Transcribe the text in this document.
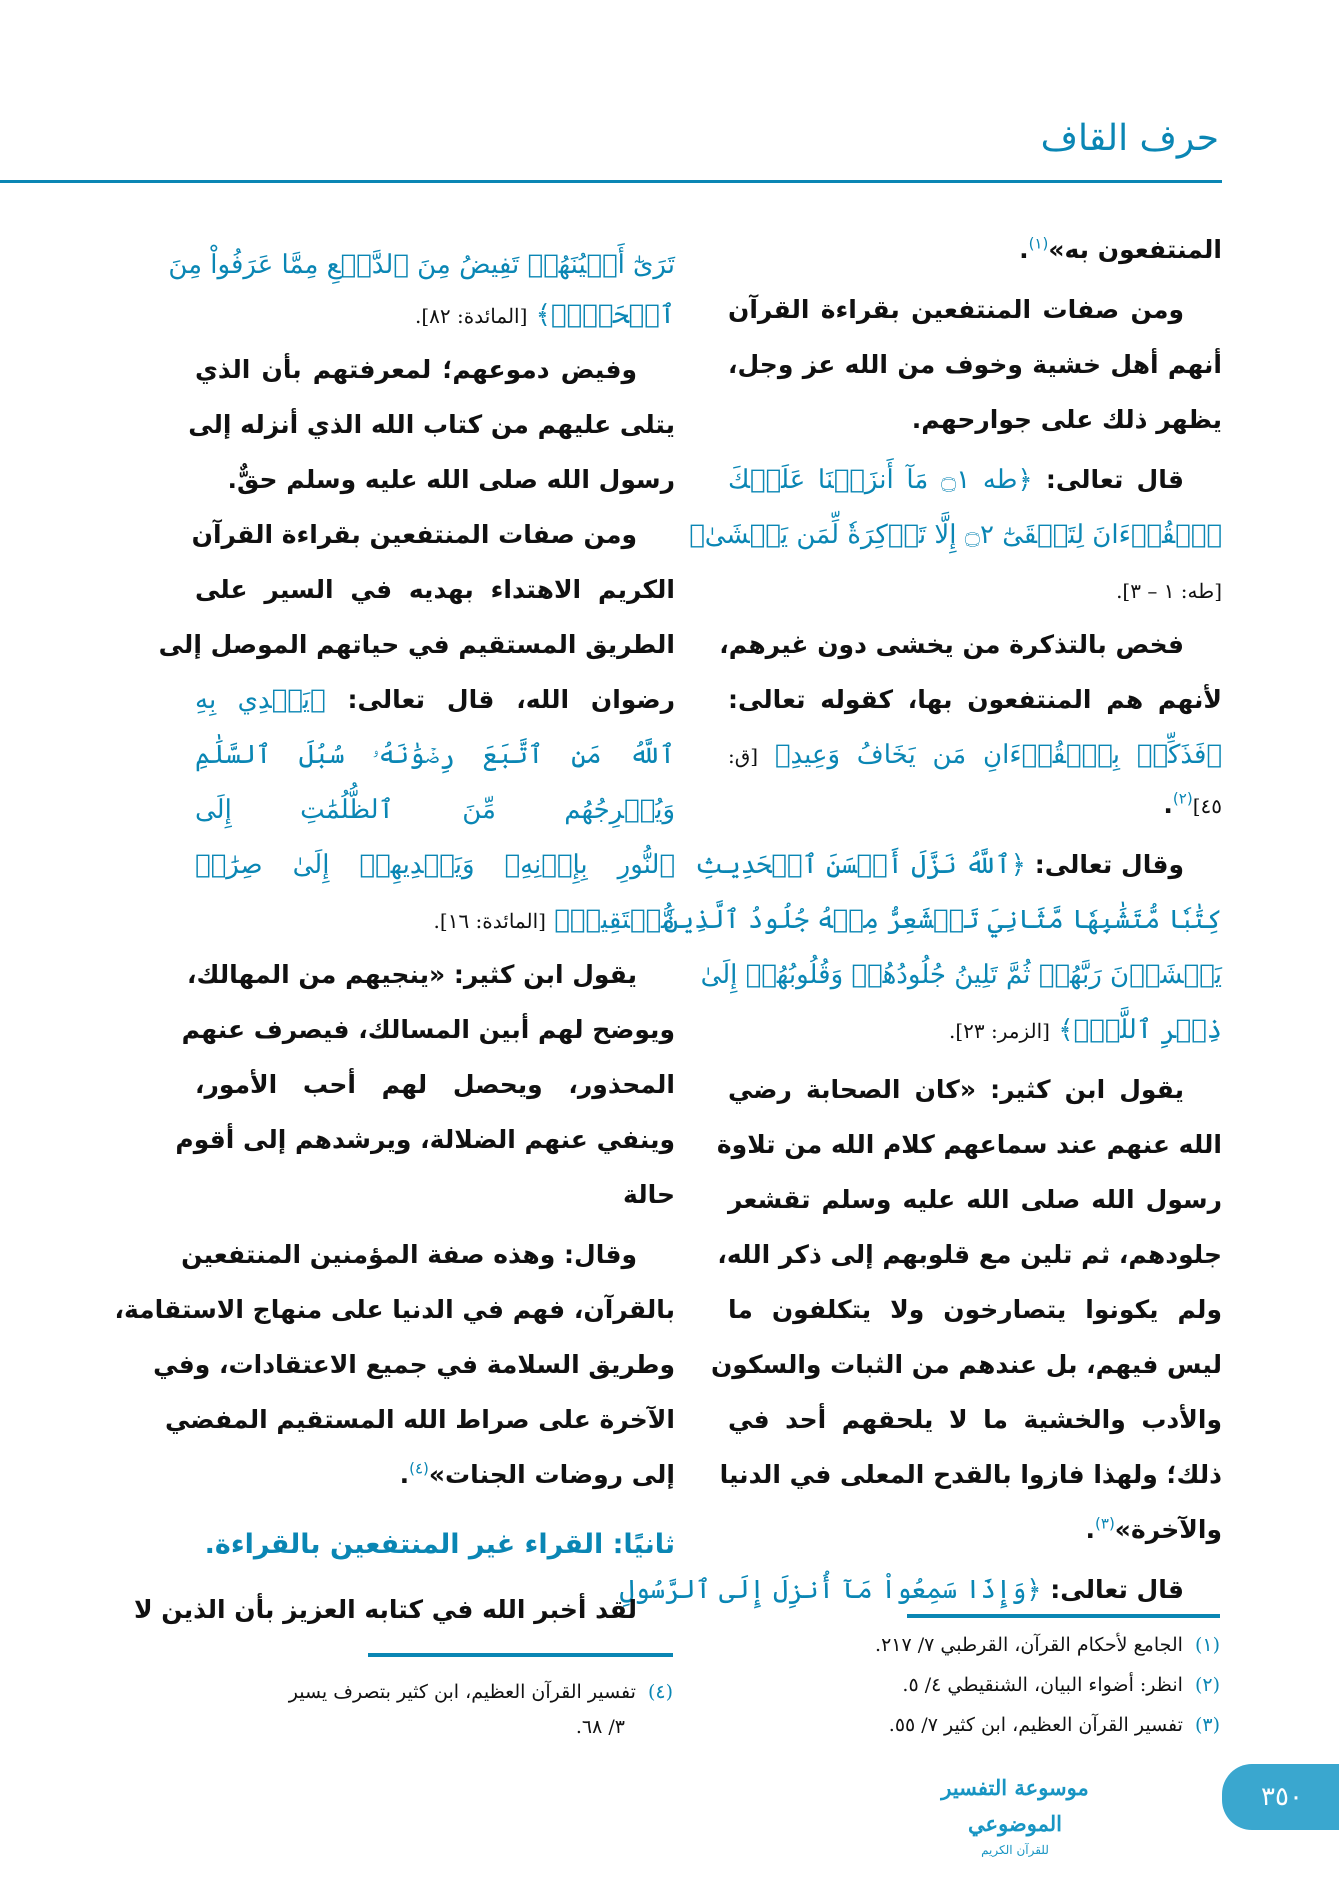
حرف القاف
المنتفعون به»$^{(١)}$.
ومن صفات المنتفعين بقراءة القرآن
أنهم أهل خشية وخوف من الله عز وجل،
يظهر ذلك على جوارحهم.
قال تعالى: ﴿طه ۝١ مَآ أَنزَلۡنَا عَلَيۡكَ
ٱلۡقُرۡءَانَ لِتَشۡقَىٰٓ ۝٢ إِلَّا تَذۡكِرَةٗ لِّمَن يَخۡشَىٰ﴾
[طه: ١ – ٣].
فخص بالتذكرة من يخشى دون غيرهم،
لأنهم هم المنتفعون بها، كقوله تعالى:
﴿فَذَكِّرۡ بِٱلۡقُرۡءَانِ مَن يَخَافُ وَعِيدِ﴾ [ق:
٤٥]$^{(٢)}$.
وقال تعالى: ﴿ٱللَّهُ نَزَّلَ أَحۡسَنَ ٱلۡحَدِيثِ
كِتَٰبٗا مُّتَشَٰبِهٗا مَّثَانِيَ تَقۡشَعِرُّ مِنۡهُ جُلُودُ ٱلَّذِينَ
يَخۡشَوۡنَ رَبَّهُمۡ ثُمَّ تَلِينُ جُلُودُهُمۡ وَقُلُوبُهُمۡ إِلَىٰ
ذِكۡرِ ٱللَّهِۚ﴾ [الزمر: ٢٣].
يقول ابن كثير: «كان الصحابة رضي
الله عنهم عند سماعهم كلام الله من تلاوة
رسول الله صلى الله عليه وسلم تقشعر
جلودهم، ثم تلين مع قلوبهم إلى ذكر الله،
ولم يكونوا يتصارخون ولا يتكلفون ما
ليس فيهم، بل عندهم من الثبات والسكون
والأدب والخشية ما لا يلحقهم أحد في
ذلك؛ ولهذا فازوا بالقدح المعلى في الدنيا
والآخرة»$^{(٣)}$.
قال تعالى: ﴿وَإِذَا سَمِعُواْ مَآ أُنزِلَ إِلَى ٱلرَّسُولِ
تَرَىٰٓ أَعۡيُنَهُمۡ تَفِيضُ مِنَ ٱلدَّمۡعِ مِمَّا عَرَفُواْ مِنَ
ٱلۡحَقِّۖ﴾ [المائدة: ٨٢].
وفيض دموعهم؛ لمعرفتهم بأن الذي
يتلى عليهم من كتاب الله الذي أنزله إلى
رسول الله صلى الله عليه وسلم حقٌّ.
ومن صفات المنتفعين بقراءة القرآن
الكريم الاهتداء بهديه في السير على
الطريق المستقيم في حياتهم الموصل إلى
رضوان الله، قال تعالى: ﴿يَهۡدِي بِهِ
ٱللَّهُ مَنِ ٱتَّبَعَ رِضۡوَٰنَهُۥ سُبُلَ ٱلسَّلَٰمِ
وَيُخۡرِجُهُم مِّنَ ٱلظُّلُمَٰتِ إِلَى
ٱلنُّورِ بِإِذۡنِهِۦ وَيَهۡدِيهِمۡ إِلَىٰ صِرَٰطٖ
مُّسۡتَقِيمٖ﴾ [المائدة: ١٦].
يقول ابن كثير: «ينجيهم من المهالك،
ويوضح لهم أبين المسالك، فيصرف عنهم
المحذور، ويحصل لهم أحب الأمور،
وينفي عنهم الضلالة، ويرشدهم إلى أقوم
حالة
وقال: وهذه صفة المؤمنين المنتفعين
بالقرآن، فهم في الدنيا على منهاج الاستقامة،
وطريق السلامة في جميع الاعتقادات، وفي
الآخرة على صراط الله المستقيم المفضي
إلى روضات الجنات»$^{(٤)}$.
ثانيًا: القراء غير المنتفعين بالقراءة.
لقد أخبر الله في كتابه العزيز بأن الذين لا
(١)الجامع لأحكام القرآن، القرطبي ٧/ ٢١٧.
(٢)انظر: أضواء البيان، الشنقيطي ٤/ ٥.
(٣)تفسير القرآن العظيم، ابن كثير ٧/ ٥٥.
(٤)تفسير القرآن العظيم، ابن كثير بتصرف يسير
٣/ ٦٨.
موسوعة التفسير الموضوعي
للقرآن الكريم
٣٥٠
